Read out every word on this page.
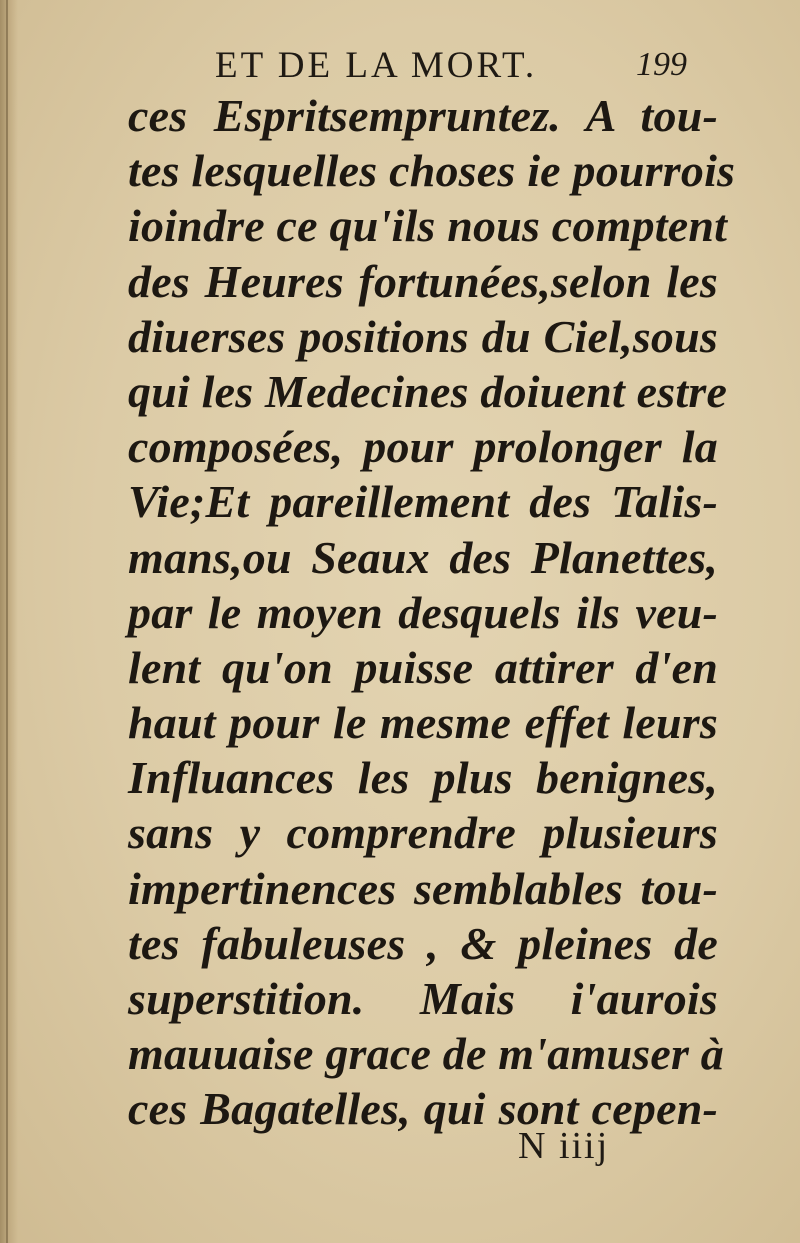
ET DE LA MORT.	199
ces Espritsempruntez. A tou-
tes lesquelles choses ie pourrois
ioindre ce qu'ils nous comptent
des Heures fortunées,selon les
diuerses positions du Ciel,sous
qui les Medecines doiuent estre
composées, pour prolonger la
Vie;Et pareillement des Talis-
mans,ou Seaux des Planettes,
par le moyen desquels ils veu-
lent qu'on puisse attirer d'en
haut pour le mesme effet leurs
Influances les plus benignes,
sans y comprendre plusieurs
impertinences semblables tou-
tes fabuleuses , & pleines de
superstition. Mais i'aurois
mauuaise grace de m'amuser à
ces Bagatelles, qui sont cepen-
N iiij
